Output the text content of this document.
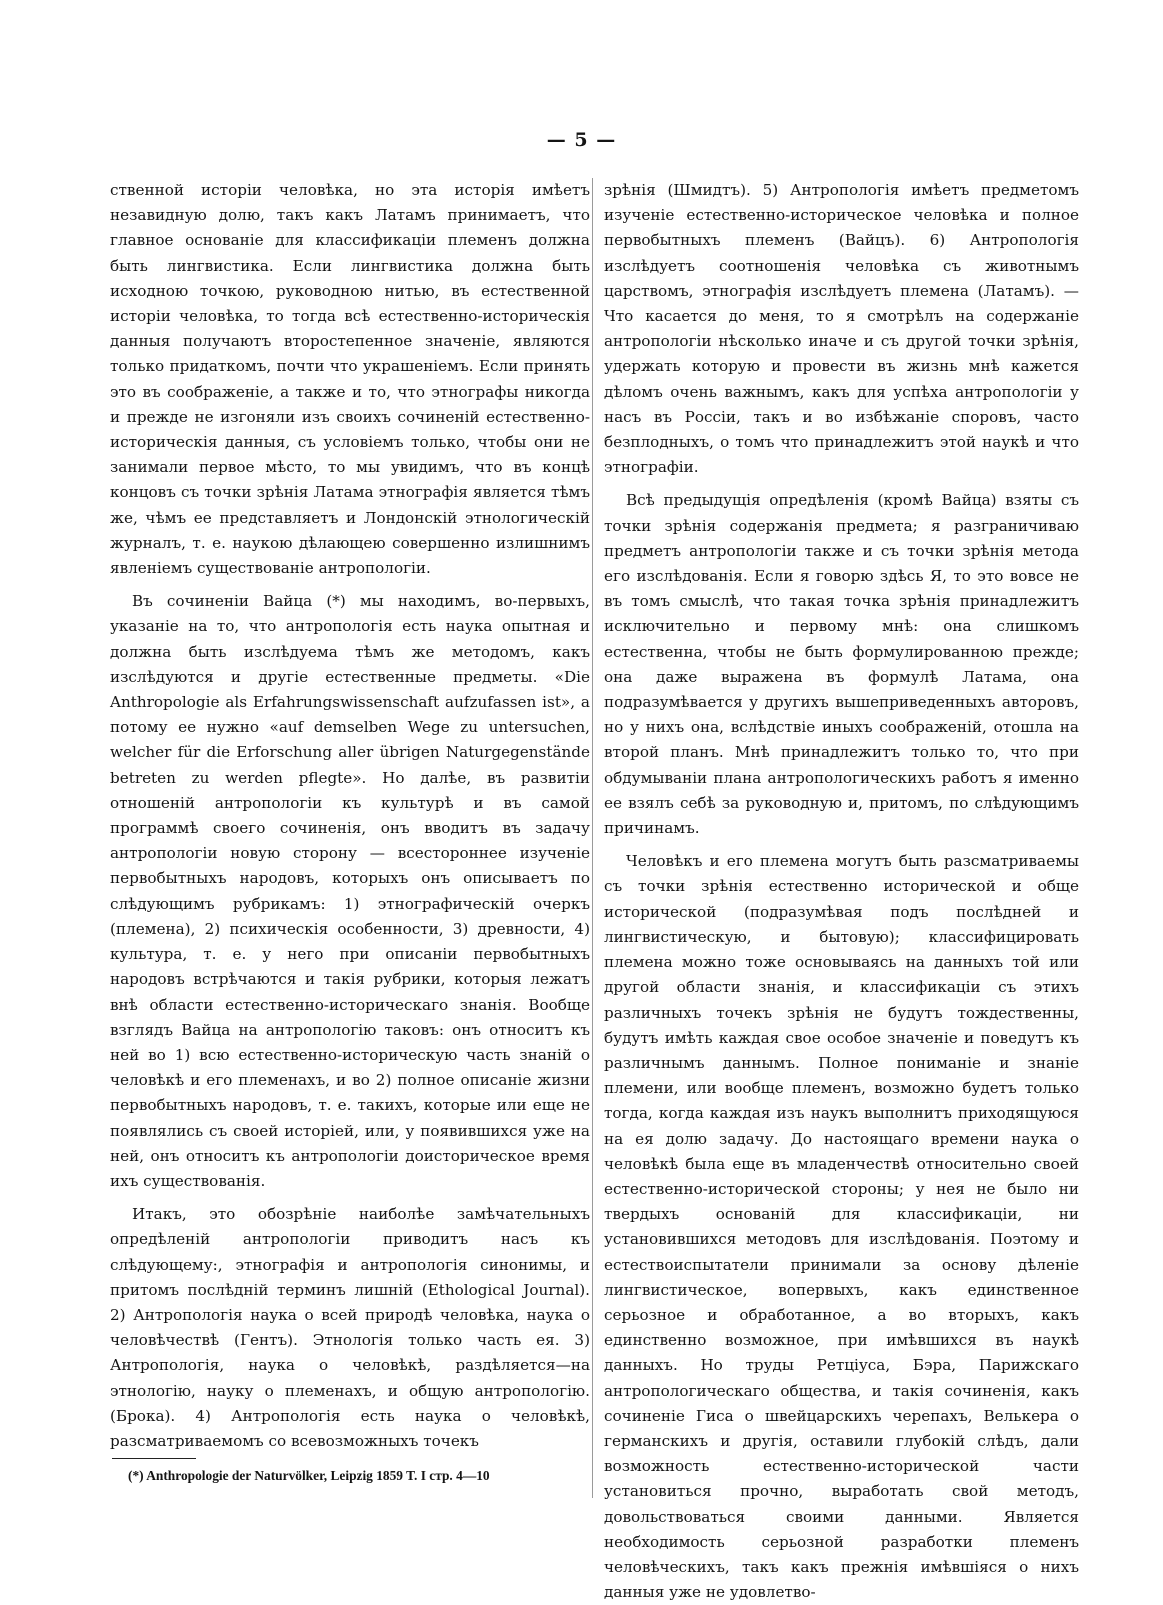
— 5 —

ственной исторіи человѣка, но эта исторія имѣетъ незавидную долю, такъ какъ Латамъ принимаетъ, что главное основаніе для классификаціи племенъ должна быть лингвистика. Если лингвистика должна быть исходною точкою, руководною нитью, въ естественной исторіи человѣка, то тогда всѣ естественно-историческія данныя получаютъ второстепенное значеніе, являются только придаткомъ, почти что украшеніемъ. Если принять это въ соображеніе, а также и то, что этнографы никогда и прежде не изгоняли изъ своихъ сочиненій естественно-историческія данныя, съ условіемъ только, чтобы они не занимали первое мѣсто, то мы увидимъ, что въ концѣ концовъ съ точки зрѣнія Латама этнографія является тѣмъ же, чѣмъ ее представляетъ и Лондонскій этнологическій журналъ, т. е. наукою дѣлающею совершенно излишнимъ явленіемъ существованіе антропологіи.

Въ сочиненіи Вайца (*) мы находимъ, во-первыхъ, указаніе на то, что антропологія есть наука опытная и должна быть изслѣдуема тѣмъ же методомъ, какъ изслѣдуются и другіе естественные предметы. «Die Anthropologie als Erfahrungswissenschaft aufzufassen ist», а потому ее нужно «auf demselben Wege zu untersuchen, welcher für die Erforschung aller übrigen Naturgegenstände betreten zu werden pflegte». Но далѣе, въ развитіи отношеній антропологіи къ культурѣ и въ самой программѣ своего сочиненія, онъ вводитъ въ задачу антропологіи новую сторону — всестороннее изученіе первобытныхъ народовъ, которыхъ онъ описываетъ по слѣдующимъ рубрикамъ: 1) этнографическій очеркъ (племена), 2) психическія особенности, 3) древности, 4) культура, т. е. у него при описаніи первобытныхъ народовъ встрѣчаются и такія рубрики, которыя лежатъ внѣ области естественно-историческаго знанія. Вообще взглядъ Вайца на антропологію таковъ: онъ относитъ къ ней во 1) всю естественно-историческую часть знаній о человѣкѣ и его племенахъ, и во 2) полное описаніе жизни первобытныхъ народовъ, т. е. такихъ, которые или еще не появлялись съ своей исторіей, или, у появившихся уже на ней, онъ относитъ къ антропологіи доисторическое время ихъ существованія.

Итакъ, это обозрѣніе наиболѣе замѣчательныхъ опредѣленій антропологіи приводитъ насъ къ слѣдующему:, этнографія и антропологія синонимы, и притомъ послѣдній терминъ лишній (Ethological Journal). 2) Антропологія наука о всей природѣ человѣка, наука о человѣчествѣ (Гентъ). Этнологія только часть ея. 3) Антропологія, наука о человѣкѣ, раздѣляется—на этнологію, науку о племенахъ, и общую антропологію. (Брока). 4) Антропологія есть наука о человѣкѣ, разсматриваемомъ со всевозможныхъ точекъ

зрѣнія (Шмидтъ). 5) Антропологія имѣетъ предметомъ изученіе естественно-историческое человѣка и полное первобытныхъ племенъ (Вайцъ). 6) Антропологія изслѣдуетъ соотношенія человѣка съ животнымъ царствомъ, этнографія изслѣдуетъ племена (Латамъ). — Что касается до меня, то я смотрѣлъ на содержаніе антропологіи нѣсколько иначе и съ другой точки зрѣнія, удержать которую и провести въ жизнь мнѣ кажется дѣломъ очень важнымъ, какъ для успѣха антропологіи у насъ въ Россіи, такъ и во избѣжаніе споровъ, часто безплодныхъ, о томъ что принадлежитъ этой наукѣ и что этнографіи.

Всѣ предыдущія опредѣленія (кромѣ Вайца) взяты съ точки зрѣнія содержанія предмета; я разграничиваю предметъ антропологіи также и съ точки зрѣнія метода его изслѣдованія. Если я говорю здѣсь Я, то это вовсе не въ томъ смыслѣ, что такая точка зрѣнія принадлежитъ исключительно и первому мнѣ: она слишкомъ естественна, чтобы не быть формулированною прежде; она даже выражена въ формулѣ Латама, она подразумѣвается у другихъ вышеприведенныхъ авторовъ, но у нихъ она, вслѣдствіе иныхъ соображеній, отошла на второй планъ. Мнѣ принадлежитъ только то, что при обдумываніи плана антропологическихъ работъ я именно ее взялъ себѣ за руководную и, притомъ, по слѣдующимъ причинамъ.

Человѣкъ и его племена могутъ быть разсматриваемы съ точки зрѣнія естественно исторической и обще исторической (подразумѣвая подъ послѣдней и лингвистическую, и бытовую); классифицировать племена можно тоже основываясь на данныхъ той или другой области знанія, и классификаціи съ этихъ различныхъ точекъ зрѣнія не будутъ тождественны, будутъ имѣть каждая свое особое значеніе и поведутъ къ различнымъ даннымъ. Полное пониманіе и знаніе племени, или вообще племенъ, возможно будетъ только тогда, когда каждая изъ наукъ выполнитъ приходящуюся на ея долю задачу. До настоящаго времени наука о человѣкѣ была еще въ младенчествѣ относительно своей естественно-исторической стороны; у нея не было ни твердыхъ основаній для классификаціи, ни установившихся методовъ для изслѣдованія. Поэтому и естествоиспытатели принимали за основу дѣленіе лингвистическое, вопервыхъ, какъ единственное серьозное и обработанное, а во вторыхъ, какъ единственно возможное, при имѣвшихся въ наукѣ данныхъ. Но труды Ретціуса, Бэра, Парижскаго антропологическаго общества, и такія сочиненія, какъ сочиненіе Гиса о швейцарскихъ черепахъ, Велькера о германскихъ и другія, оставили глубокій слѣдъ, дали возможность естественно-исторической части установиться прочно, выработать свой методъ, довольствоваться своими данными. Является необходимость серьозной разработки племенъ человѣческихъ, такъ какъ прежнія имѣвшіяся о нихъ данныя уже не удовлетво-

(*) Anthropologie der Naturvölker, Leipzig 1859 T. I стр. 4—10
